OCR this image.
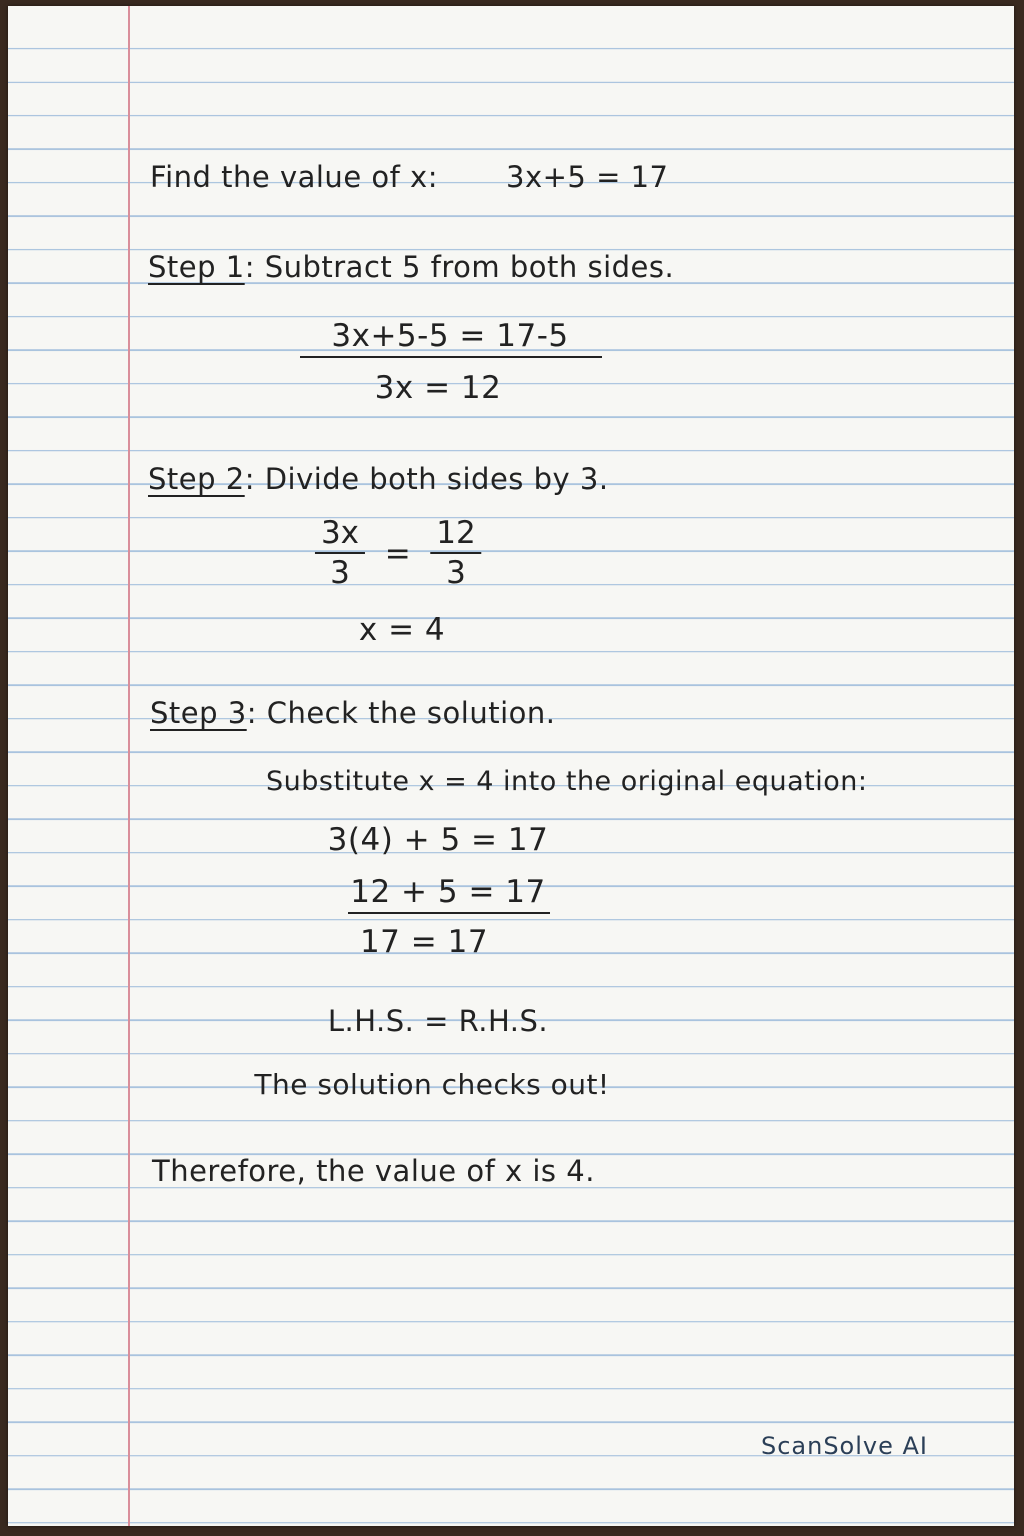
Find the value of x: 3x+5 = 17

Step 1: Subtract 5 from both sides.

3x+5-5 = 17-5

3x = 12

Step 2: Divide both sides by 3.

3x
3

=

12
3

x = 4

Step 3: Check the solution.

Substitute x = 4 into the original equation:

3(4) + 5 = 17

12 + 5 = 17

17 = 17

L.H.S. = R.H.S.

The solution checks out!

Therefore, the value of x is 4.

ScanSolve AI
